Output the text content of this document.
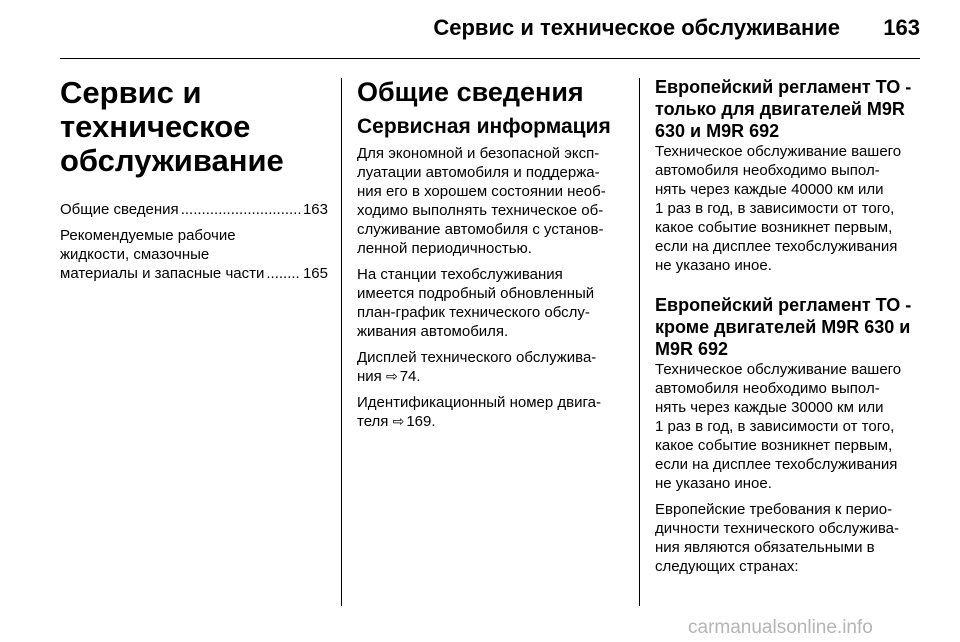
Сервис и техническое обслуживание 163
Сервис и
техническое
обслуживание
Общие сведения .....	163
Рекомендуемые рабочие
жидкости, смазочные
материалы и запасные части .....	165
Общие сведения
Сервисная информация
Для экономной и безопасной эксп-
луатации автомобиля и поддержа-
ния его в хорошем состоянии необ-
ходимо выполнять техническое об-
служивание автомобиля с установ-
ленной периодичностью.
На станции техобслуживания
имеется подробный обновленный
план-график технического обслу-
живания автомобиля.
Дисплей технического обслужива-
ния ⇨ 74.
Идентификационный номер двига-
теля ⇨ 169.
Европейский регламент ТО -
только для двигателей M9R
630 и M9R 692
Техническое обслуживание вашего
автомобиля необходимо выпол-
нять через каждые 40000 км или
1 раз в год, в зависимости от того,
какое событие возникнет первым,
если на дисплее техобслуживания
не указано иное.
Европейский регламент ТО -
кроме двигателей M9R 630 и
M9R 692
Техническое обслуживание вашего
автомобиля необходимо выпол-
нять через каждые 30000 км или
1 раз в год, в зависимости от того,
какое событие возникнет первым,
если на дисплее техобслуживания
не указано иное.
Европейские требования к перио-
дичности технического обслужива-
ния являются обязательными в
следующих странах:
carmanualsonline.info
